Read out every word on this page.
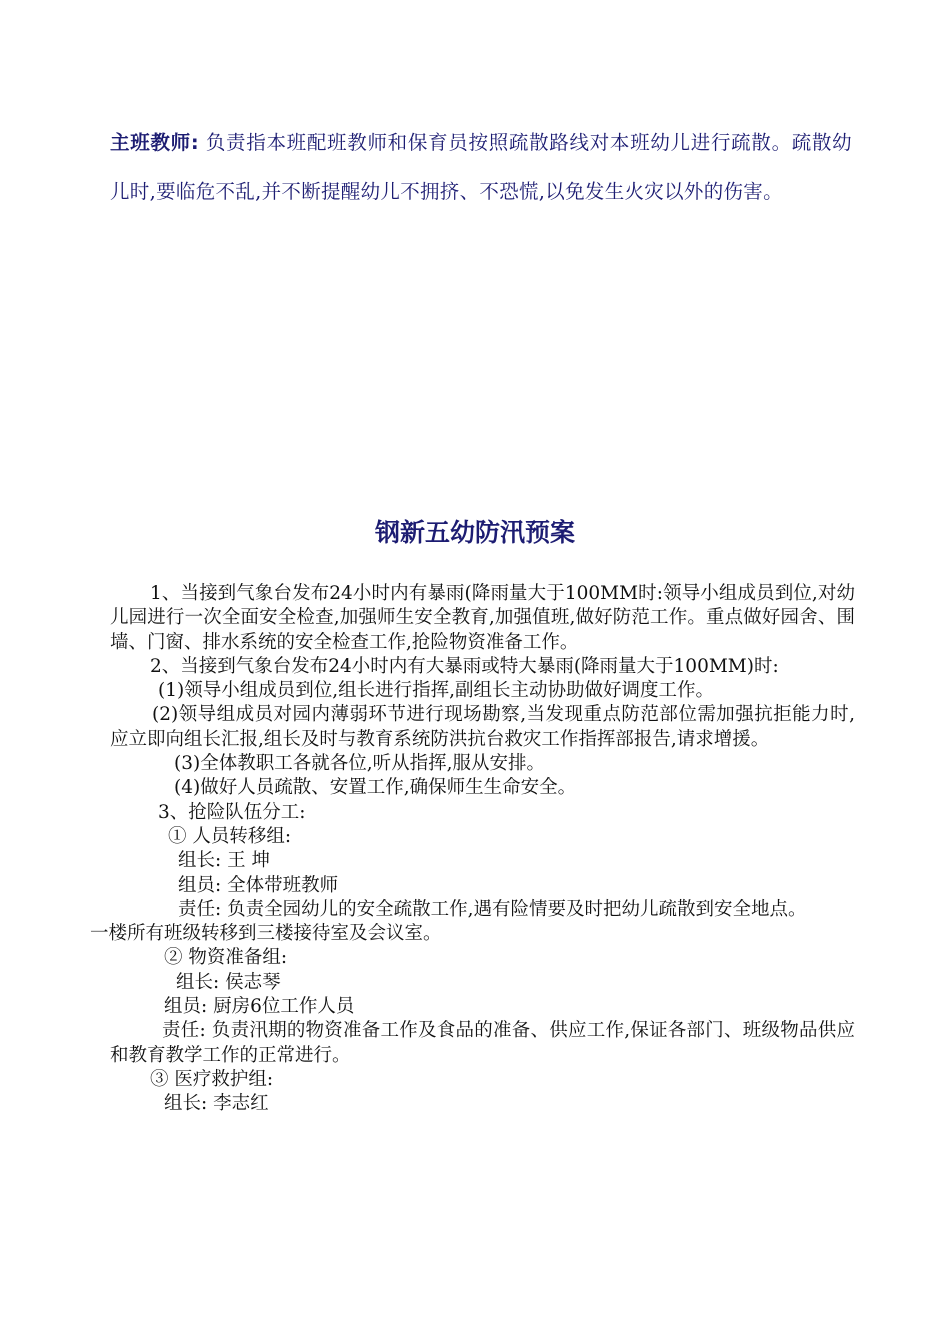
主班教师: 负责指本班配班教师和保育员按照疏散路线对本班幼儿进行疏散。疏散幼儿时,要临危不乱,并不断提醒幼儿不拥挤、不恐慌,以免发生火灾以外的伤害。

钢新五幼防汛预案

1、当接到气象台发布24小时内有暴雨(降雨量大于100MM时:领导小组成员到位,对幼儿园进行一次全面安全检查,加强师生安全教育,加强值班,做好防范工作。重点做好园舍、围墙、门窗、排水系统的安全检查工作,抢险物资准备工作。

2、当接到气象台发布24小时内有大暴雨或特大暴雨(降雨量大于100MM)时:

(1)领导小组成员到位,组长进行指挥,副组长主动协助做好调度工作。

(2)领导组成员对园内薄弱环节进行现场勘察,当发现重点防范部位需加强抗拒能力时,应立即向组长汇报,组长及时与教育系统防洪抗台救灾工作指挥部报告,请求增援。

(3)全体教职工各就各位,听从指挥,服从安排。

(4)做好人员疏散、安置工作,确保师生生命安全。

3、抢险队伍分工:

① 人员转移组:

组长: 王 坤

组员: 全体带班教师

责任: 负责全园幼儿的安全疏散工作,遇有险情要及时把幼儿疏散到安全地点。

一楼所有班级转移到三楼接待室及会议室。

② 物资准备组:

组长: 侯志琴

组员: 厨房6位工作人员

责任: 负责汛期的物资准备工作及食品的准备、供应工作,保证各部门、班级物品供应和教育教学工作的正常进行。

③ 医疗救护组:

组长: 李志红
